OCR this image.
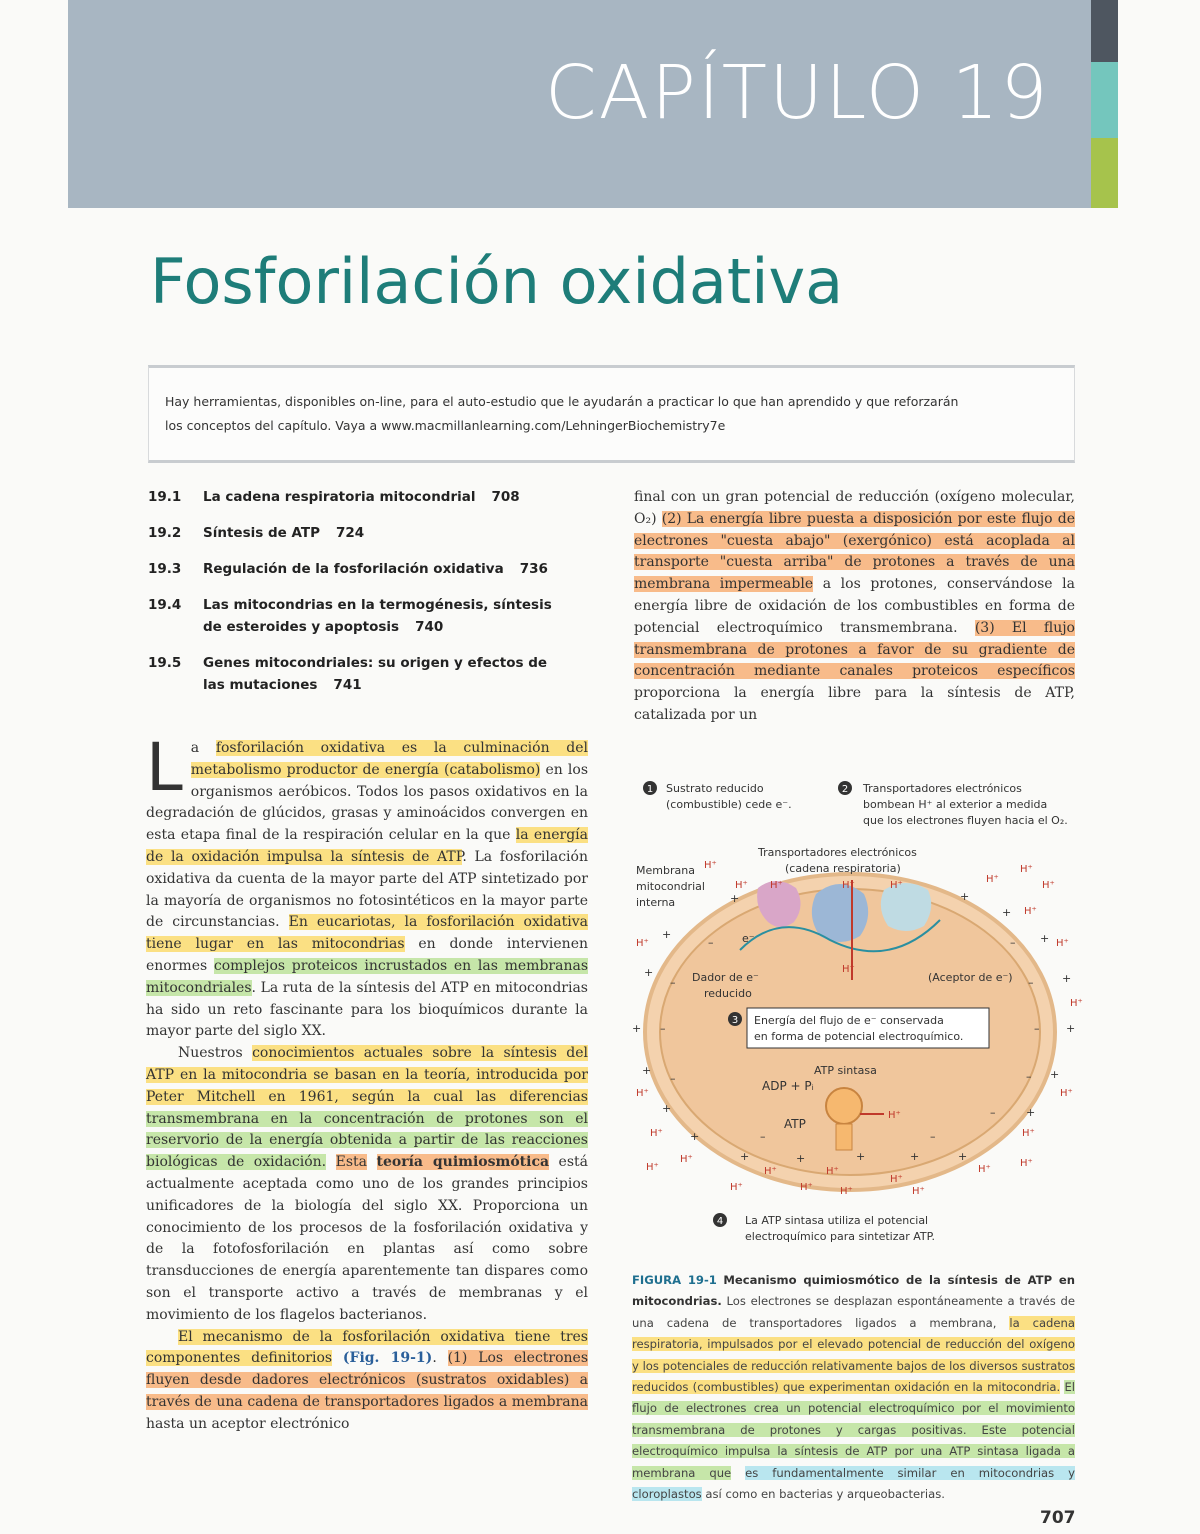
CAPÍTULO 19
Fosforilación oxidativa
Hay herramientas, disponibles on-line, para el auto-estudio que le ayudarán a practicar lo que han aprendido y que reforzarán
los conceptos del capítulo. Vaya a www.macmillanlearning.com/LehningerBiochemistry7e
19.1	La cadena respiratoria mitocondrial 708
19.2	Síntesis de ATP 724
19.3	Regulación de la fosforilación oxidativa 736
19.4	Las mitocondrias en la termogénesis, síntesis de esteroides y apoptosis 740
19.5	Genes mitocondriales: su origen y efectos de las mutaciones 741

La fosforilación oxidativa es la culminación del metabolismo productor de energía (catabolismo) en los organismos aeróbicos. Todos los pasos oxidativos en la degradación de glúcidos, grasas y aminoácidos convergen en esta etapa final de la respiración celular en la que la energía de la oxidación impulsa la síntesis de ATP. La fosforilación oxidativa da cuenta de la mayor parte del ATP sintetizado por la mayoría de organismos no fotosintéticos en la mayor parte de circunstancias. En eucariotas, la fosforilación oxidativa tiene lugar en las mitocondrias en donde intervienen enormes complejos proteicos incrustados en las membranas mitocondriales. La ruta de la síntesis del ATP en mitocondrias ha sido un reto fascinante para los bioquímicos durante la mayor parte del siglo XX.

Nuestros conocimientos actuales sobre la síntesis del ATP en la mitocondria se basan en la teoría, introducida por Peter Mitchell en 1961, según la cual las diferencias transmembrana en la concentración de protones son el reservorio de la energía obtenida a partir de las reacciones biológicas de oxidación. Esta teoría quimiosmótica está actualmente aceptada como uno de los grandes principios unificadores de la biología del siglo XX. Proporciona un conocimiento de los procesos de la fosforilación oxidativa y de la fotofosforilación en plantas así como sobre transducciones de energía aparentemente tan dispares como son el transporte activo a través de membranas y el movimiento de los flagelos bacterianos.

El mecanismo de la fosforilación oxidativa tiene tres componentes definitorios (Fig. 19-1). (1) Los electrones fluyen desde dadores electrónicos (sustratos oxidables) a través de una cadena de transportadores ligados a membrana hasta un aceptor electrónico

final con un gran potencial de reducción (oxígeno molecular, O₂) (2) La energía libre puesta a disposición por este flujo de electrones "cuesta abajo" (exergónico) está acoplada al transporte "cuesta arriba" de protones a través de una membrana impermeable a los protones, conservándose la energía libre de oxidación de los combustibles en forma de potencial electroquímico transmembrana. (3) El flujo transmembrana de protones a favor de su gradiente de concentración mediante canales proteicos específicos proporciona la energía libre para la síntesis de ATP, catalizada por un

1 Sustrato reducido
(combustible) cede e⁻.
2 Transportadores electrónicos
bombean H⁺ al exterior a medida
que los electrones fluyen hacia el O₂.
Transportadores electrónicos
(cadena respiratoria)
Membrana
mitocondrial
interna
e⁻
Dador de e⁻
reducido
(Aceptor de e⁻)
3 Energía del flujo de e⁻ conservada
en forma de potencial electroquímico.
ATP sintasa
ADP + Pᵢ
ATP
H⁺
H⁺ H⁺	H⁺	H⁺
H⁺
H⁺
H⁺
H⁺
H⁺	H⁺
H⁺
H⁺
H⁺	H⁺
H⁺
H⁺	H⁺
H⁺
H⁺	H⁺	H⁺
H⁺
H⁺
H⁺
H⁺	H⁺	H⁺	H⁺
+
+
+
+
+
+
+
+
+
+
+
+
+
+
+	+	+	+	+
–
–
–
–
–
–
–
–
–
–	–
4 La ATP sintasa utiliza el potencial
electroquímico para sintetizar ATP.
FIGURA 19-1 Mecanismo quimiosmótico de la síntesis de ATP en mitocondrias. Los electrones se desplazan espontáneamente a través de una cadena de transportadores ligados a membrana, la cadena respiratoria, impulsados por el elevado potencial de reducción del oxígeno y los potenciales de reducción relativamente bajos de los diversos sustratos reducidos (combustibles) que experimentan oxidación en la mitocondria. El flujo de electrones crea un potencial electroquímico por el movimiento transmembrana de protones y cargas positivas. Este potencial electroquímico impulsa la síntesis de ATP por una ATP sintasa ligada a membrana que es fundamentalmente similar en mitocondrias y cloroplastos así como en bacterias y arqueobacterias.
707
